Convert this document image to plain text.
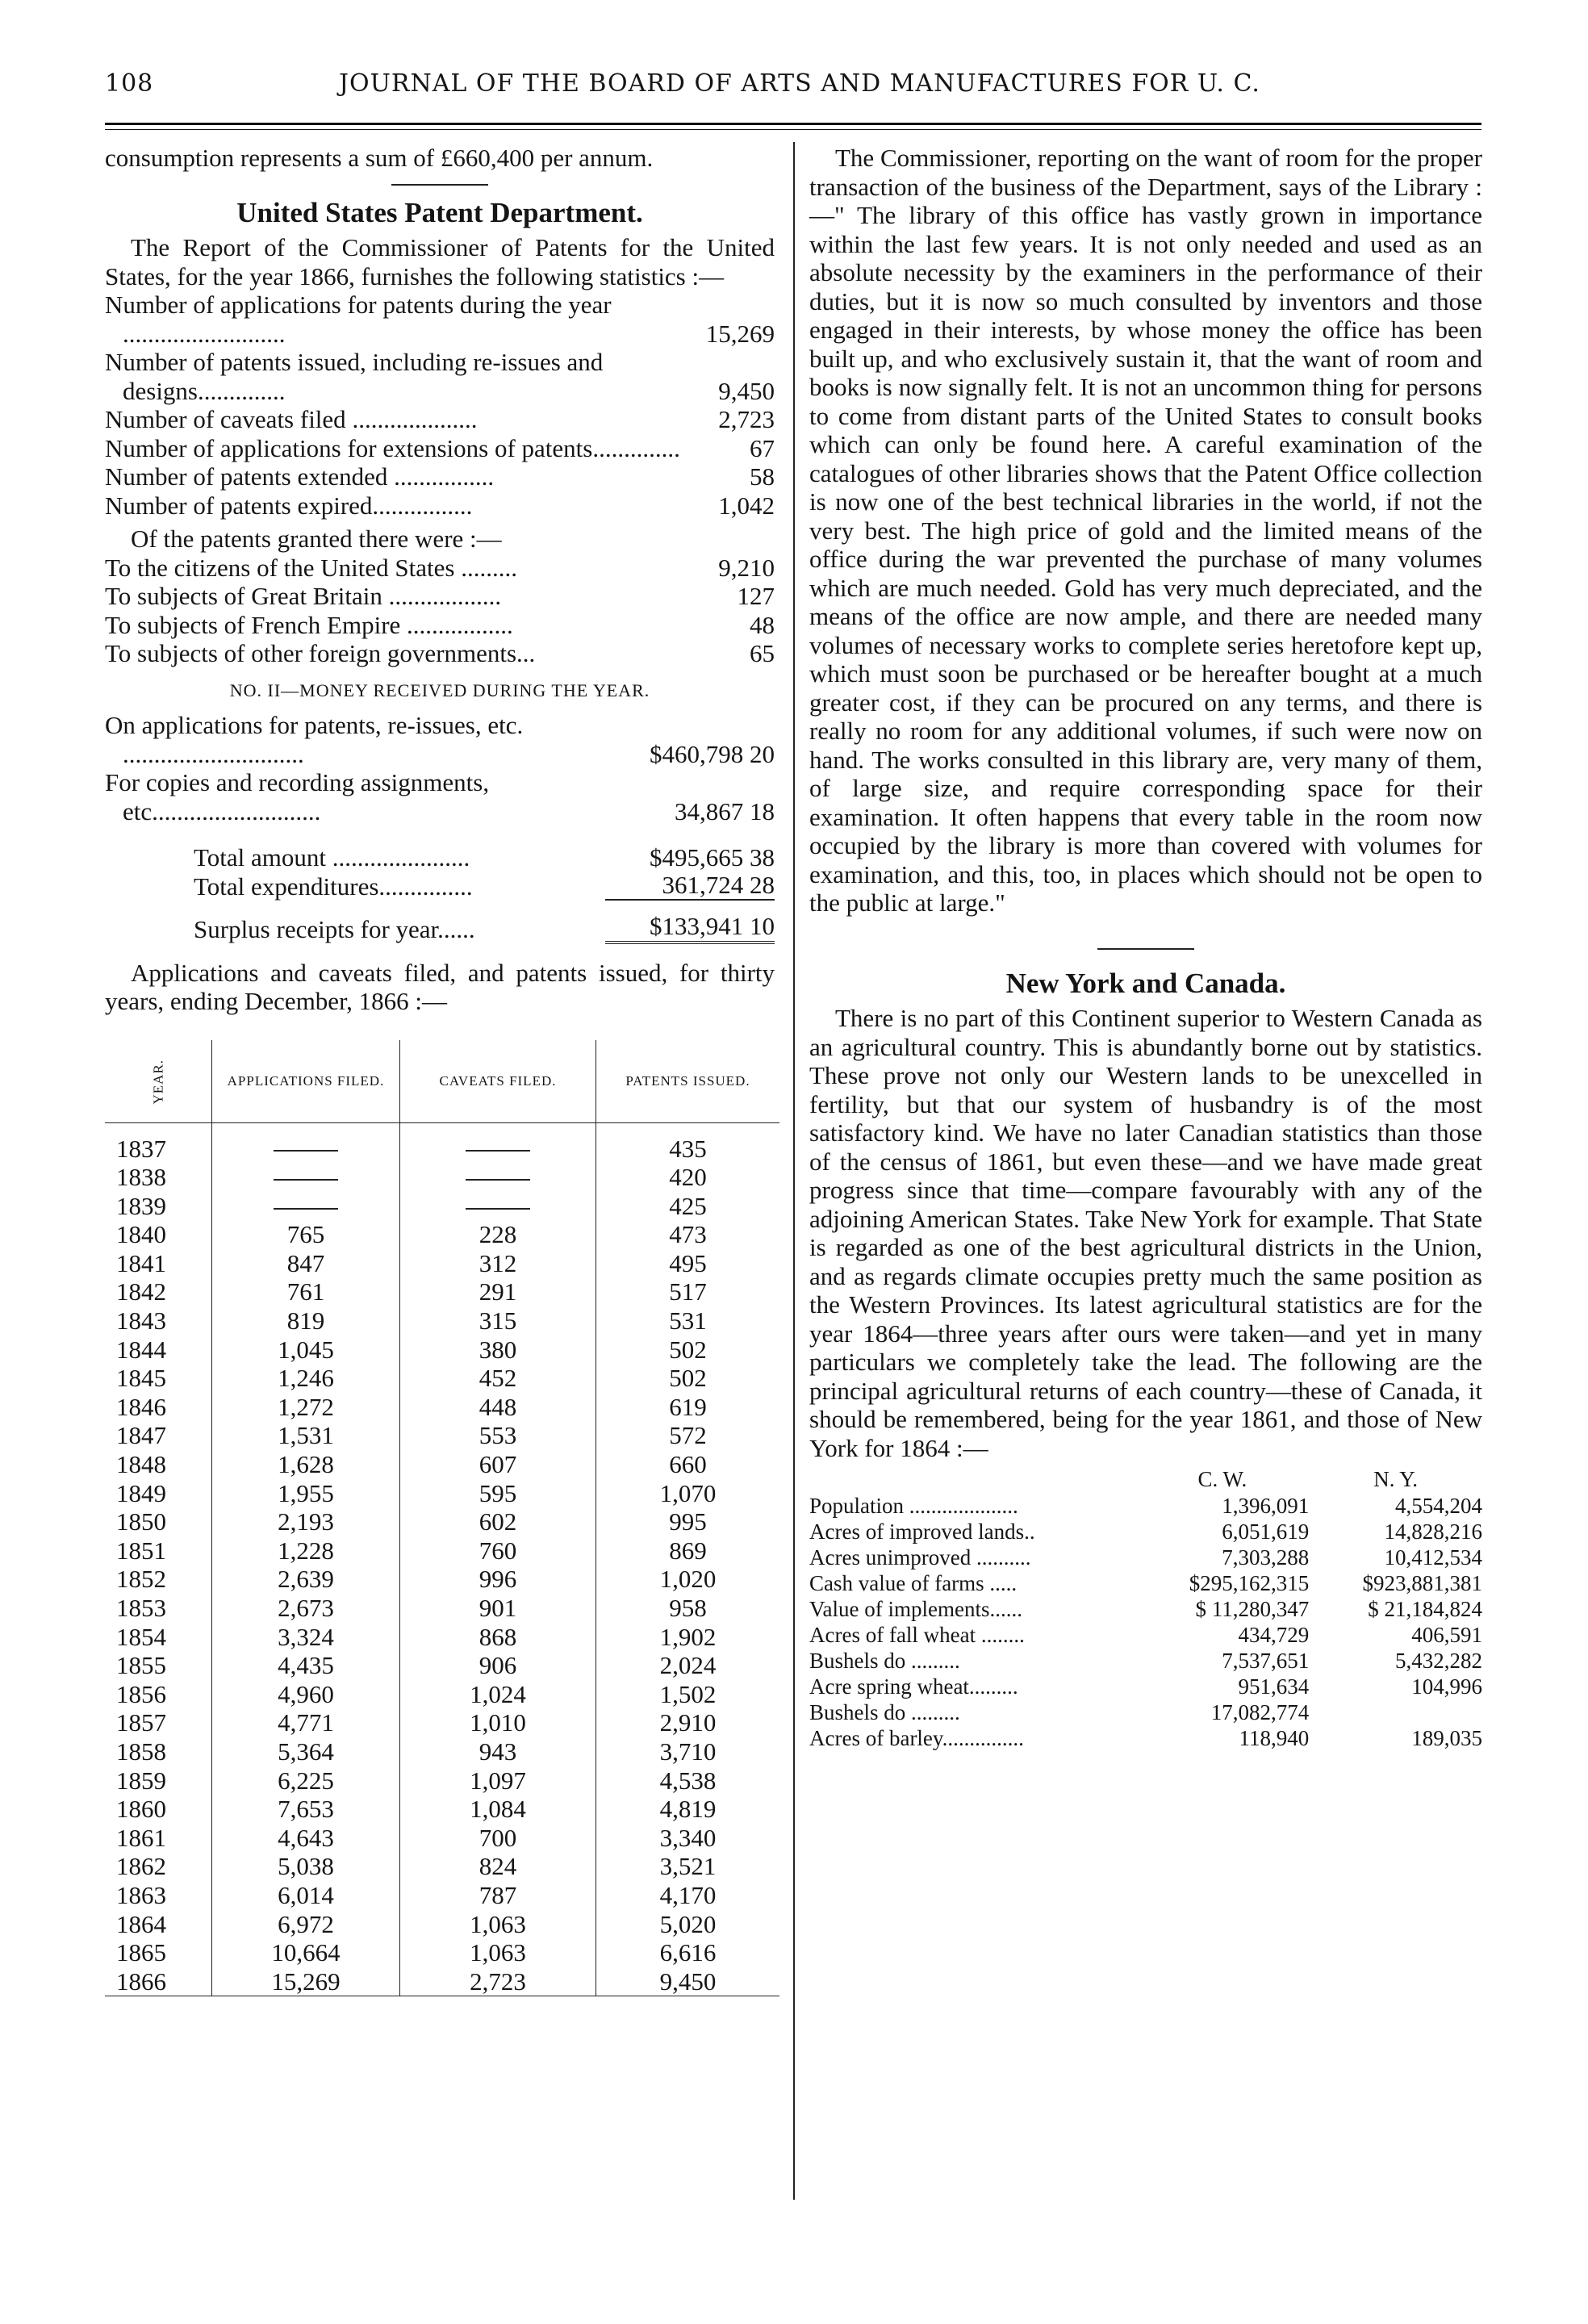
108	JOURNAL OF THE BOARD OF ARTS AND MANUFACTURES FOR U. C.

consumption represents a sum of £660,400 per annum.

United States Patent Department.

The Report of the Commissioner of Patents for the United States, for the year 1866, furnishes the following statistics :—

Number of applications for patents during the year ..........................	15,269
Number of patents issued, including re-issues and designs..............	9,450
Number of caveats filed ....................	2,723
Number of applications for extensions of patents..............	67
Number of patents extended ................	58
Number of patents expired................	1,042

Of the patents granted there were :—

To the citizens of the United States .........	9,210
To subjects of Great Britain ..................	127
To subjects of French Empire .................	48
To subjects of other foreign governments...	65
NO. II—MONEY RECEIVED DURING THE YEAR.
On applications for patents, re-issues, etc. .............................	$460,798 20
For copies and recording assignments, etc...........................	34,867 18
Total amount ......................	$495,665 38
Total expenditures...............	361,724 28
Surplus receipts for year......	$133,941 10

Applications and caveats filed, and patents issued, for thirty years, ending December, 1866 :—

YEAR.	APPLICATIONS FILED.	CAVEATS FILED.	PATENTS ISSUED.
1837			435
1838			420
1839			425
1840	765	228	473
1841	847	312	495
1842	761	291	517
1843	819	315	531
1844	1,045	380	502
1845	1,246	452	502
1846	1,272	448	619
1847	1,531	553	572
1848	1,628	607	660
1849	1,955	595	1,070
1850	2,193	602	995
1851	1,228	760	869
1852	2,639	996	1,020
1853	2,673	901	958
1854	3,324	868	1,902
1855	4,435	906	2,024
1856	4,960	1,024	1,502
1857	4,771	1,010	2,910
1858	5,364	943	3,710
1859	6,225	1,097	4,538
1860	7,653	1,084	4,819
1861	4,643	700	3,340
1862	5,038	824	3,521
1863	6,014	787	4,170
1864	6,972	1,063	5,020
1865	10,664	1,063	6,616
1866	15,269	2,723	9,450

The Commissioner, reporting on the want of room for the proper transaction of the business of the Department, says of the Library :—" The library of this office has vastly grown in importance within the last few years. It is not only needed and used as an absolute necessity by the examiners in the performance of their duties, but it is now so much consulted by inventors and those engaged in their interests, by whose money the office has been built up, and who exclusively sustain it, that the want of room and books is now signally felt. It is not an uncommon thing for persons to come from distant parts of the United States to consult books which can only be found here. A careful examination of the catalogues of other libraries shows that the Patent Office collection is now one of the best technical libraries in the world, if not the very best. The high price of gold and the limited means of the office during the war prevented the purchase of many volumes which are much needed. Gold has very much depreciated, and the means of the office are now ample, and there are needed many volumes of necessary works to complete series heretofore kept up, which must soon be purchased or be hereafter bought at a much greater cost, if they can be procured on any terms, and there is really no room for any additional volumes, if such were now on hand. The works consulted in this library are, very many of them, of large size, and require corresponding space for their examination. It often happens that every table in the room now occupied by the library is more than covered with volumes for examination, and this, too, in places which should not be open to the public at large."

New York and Canada.

There is no part of this Continent superior to Western Canada as an agricultural country. This is abundantly borne out by statistics. These prove not only our Western lands to be unexcelled in fertility, but that our system of husbandry is of the most satisfactory kind. We have no later Canadian statistics than those of the census of 1861, but even these—and we have made great progress since that time—compare favourably with any of the adjoining American States. Take New York for example. That State is regarded as one of the best agricultural districts in the Union, and as regards climate occupies pretty much the same position as the Western Provinces. Its latest agricultural statistics are for the year 1864—three years after ours were taken—and yet in many particulars we completely take the lead. The following are the principal agricultural returns of each country—these of Canada, it should be remembered, being for the year 1861, and those of New York for 1864 :—

	C. W.	N. Y.
Population ....................	1,396,091	4,554,204
Acres of improved lands..	6,051,619	14,828,216
Acres unimproved ..........	7,303,288	10,412,534
Cash value of farms .....	$295,162,315	$923,881,381
Value of implements......	$ 11,280,347	$ 21,184,824
Acres of fall wheat ........	434,729	406,591
Bushels do .........	7,537,651	5,432,282
Acre spring wheat.........	951,634	104,996
Bushels do .........	17,082,774	
Acres of barley...............	118,940	189,035
